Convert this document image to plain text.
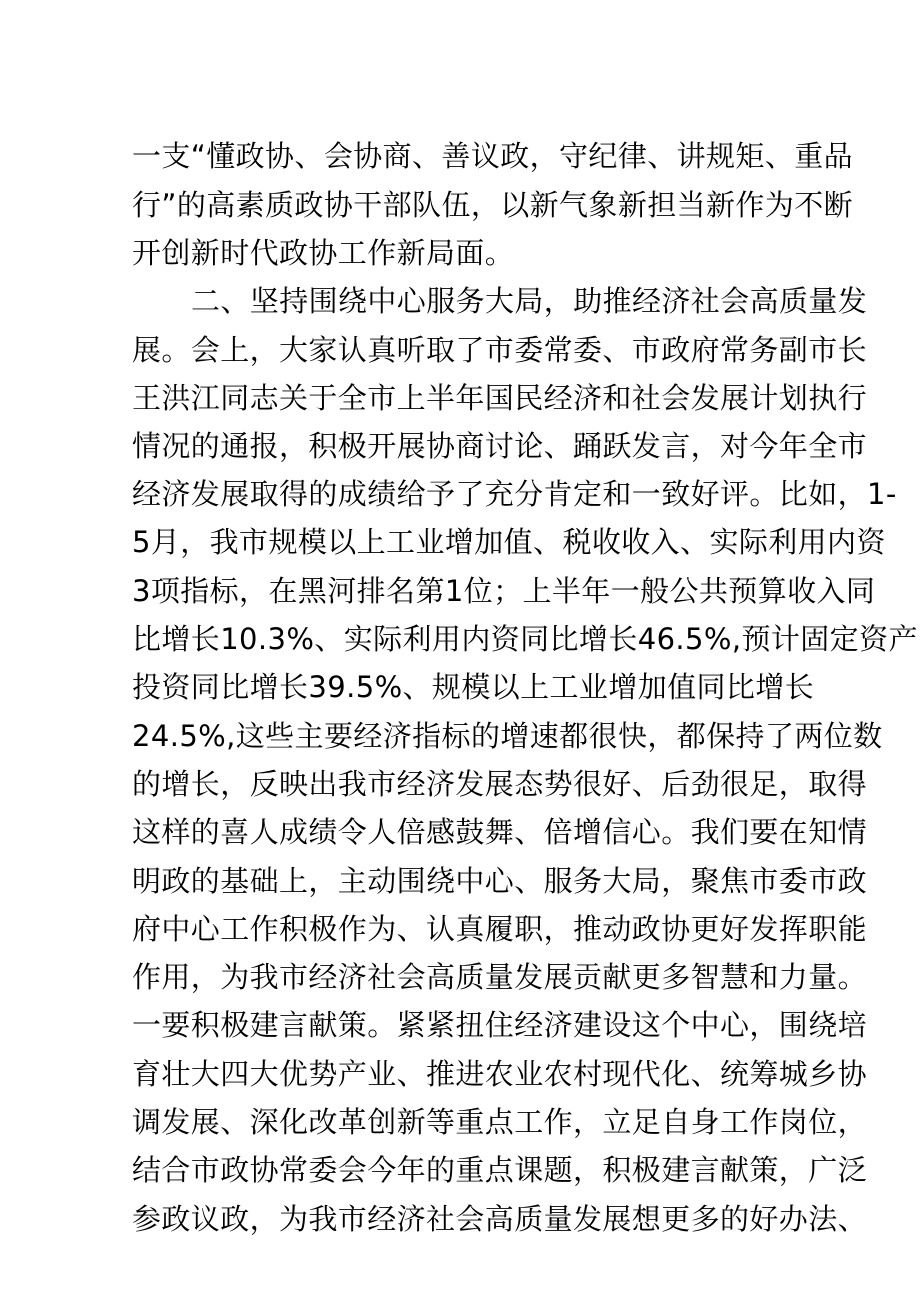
一支“懂政协、会协商、善议政，守纪律、讲规矩、重品
行”的高素质政协干部队伍，以新气象新担当新作为不断
开创新时代政协工作新局面。
二、坚持围绕中心服务大局，助推经济社会高质量发
展。会上，大家认真听取了市委常委、市政府常务副市长
王洪江同志关于全市上半年国民经济和社会发展计划执行
情况的通报，积极开展协商讨论、踊跃发言，对今年全市
经济发展取得的成绩给予了充分肯定和一致好评。比如，1-
5月，我市规模以上工业增加值、税收收入、实际利用内资
3项指标，在黑河排名第1位；上半年一般公共预算收入同
比增长10.3%、实际利用内资同比增长46.5%,预计固定资产
投资同比增长39.5%、规模以上工业增加值同比增长
24.5%,这些主要经济指标的增速都很快，都保持了两位数
的增长，反映出我市经济发展态势很好、后劲很足，取得
这样的喜人成绩令人倍感鼓舞、倍增信心。我们要在知情
明政的基础上，主动围绕中心、服务大局，聚焦市委市政
府中心工作积极作为、认真履职，推动政协更好发挥职能
作用，为我市经济社会高质量发展贡献更多智慧和力量。
一要积极建言献策。紧紧扭住经济建设这个中心，围绕培
育壮大四大优势产业、推进农业农村现代化、统筹城乡协
调发展、深化改革创新等重点工作，立足自身工作岗位，
结合市政协常委会今年的重点课题，积极建言献策，广泛
参政议政，为我市经济社会高质量发展想更多的好办法、
